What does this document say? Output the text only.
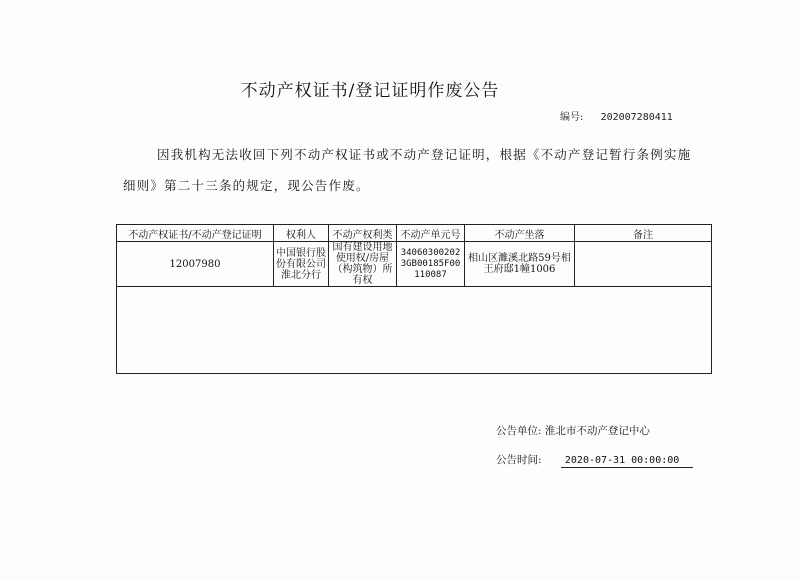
不动产权证书/登记证明作废公告
编号: 202007280411
因我机构无法收回下列不动产权证书或不动产登记证明，根据《不动产登记暂行条例实施细则》第二十三条的规定，现公告作废。
不动产权证书/不动产登记证明	权利人	不动产权利类	不动产单元号	不动产坐落	备注
12007980	中国银行股份有限公司淮北分行	国有建设用地使用权/房屋（构筑物）所有权	340603002023GB00185F00110087	相山区濉溪北路59号相王府邸1幢1006	

公告单位: 淮北市不动产登记中心
公告时间: 2020-07-31 00:00:00
